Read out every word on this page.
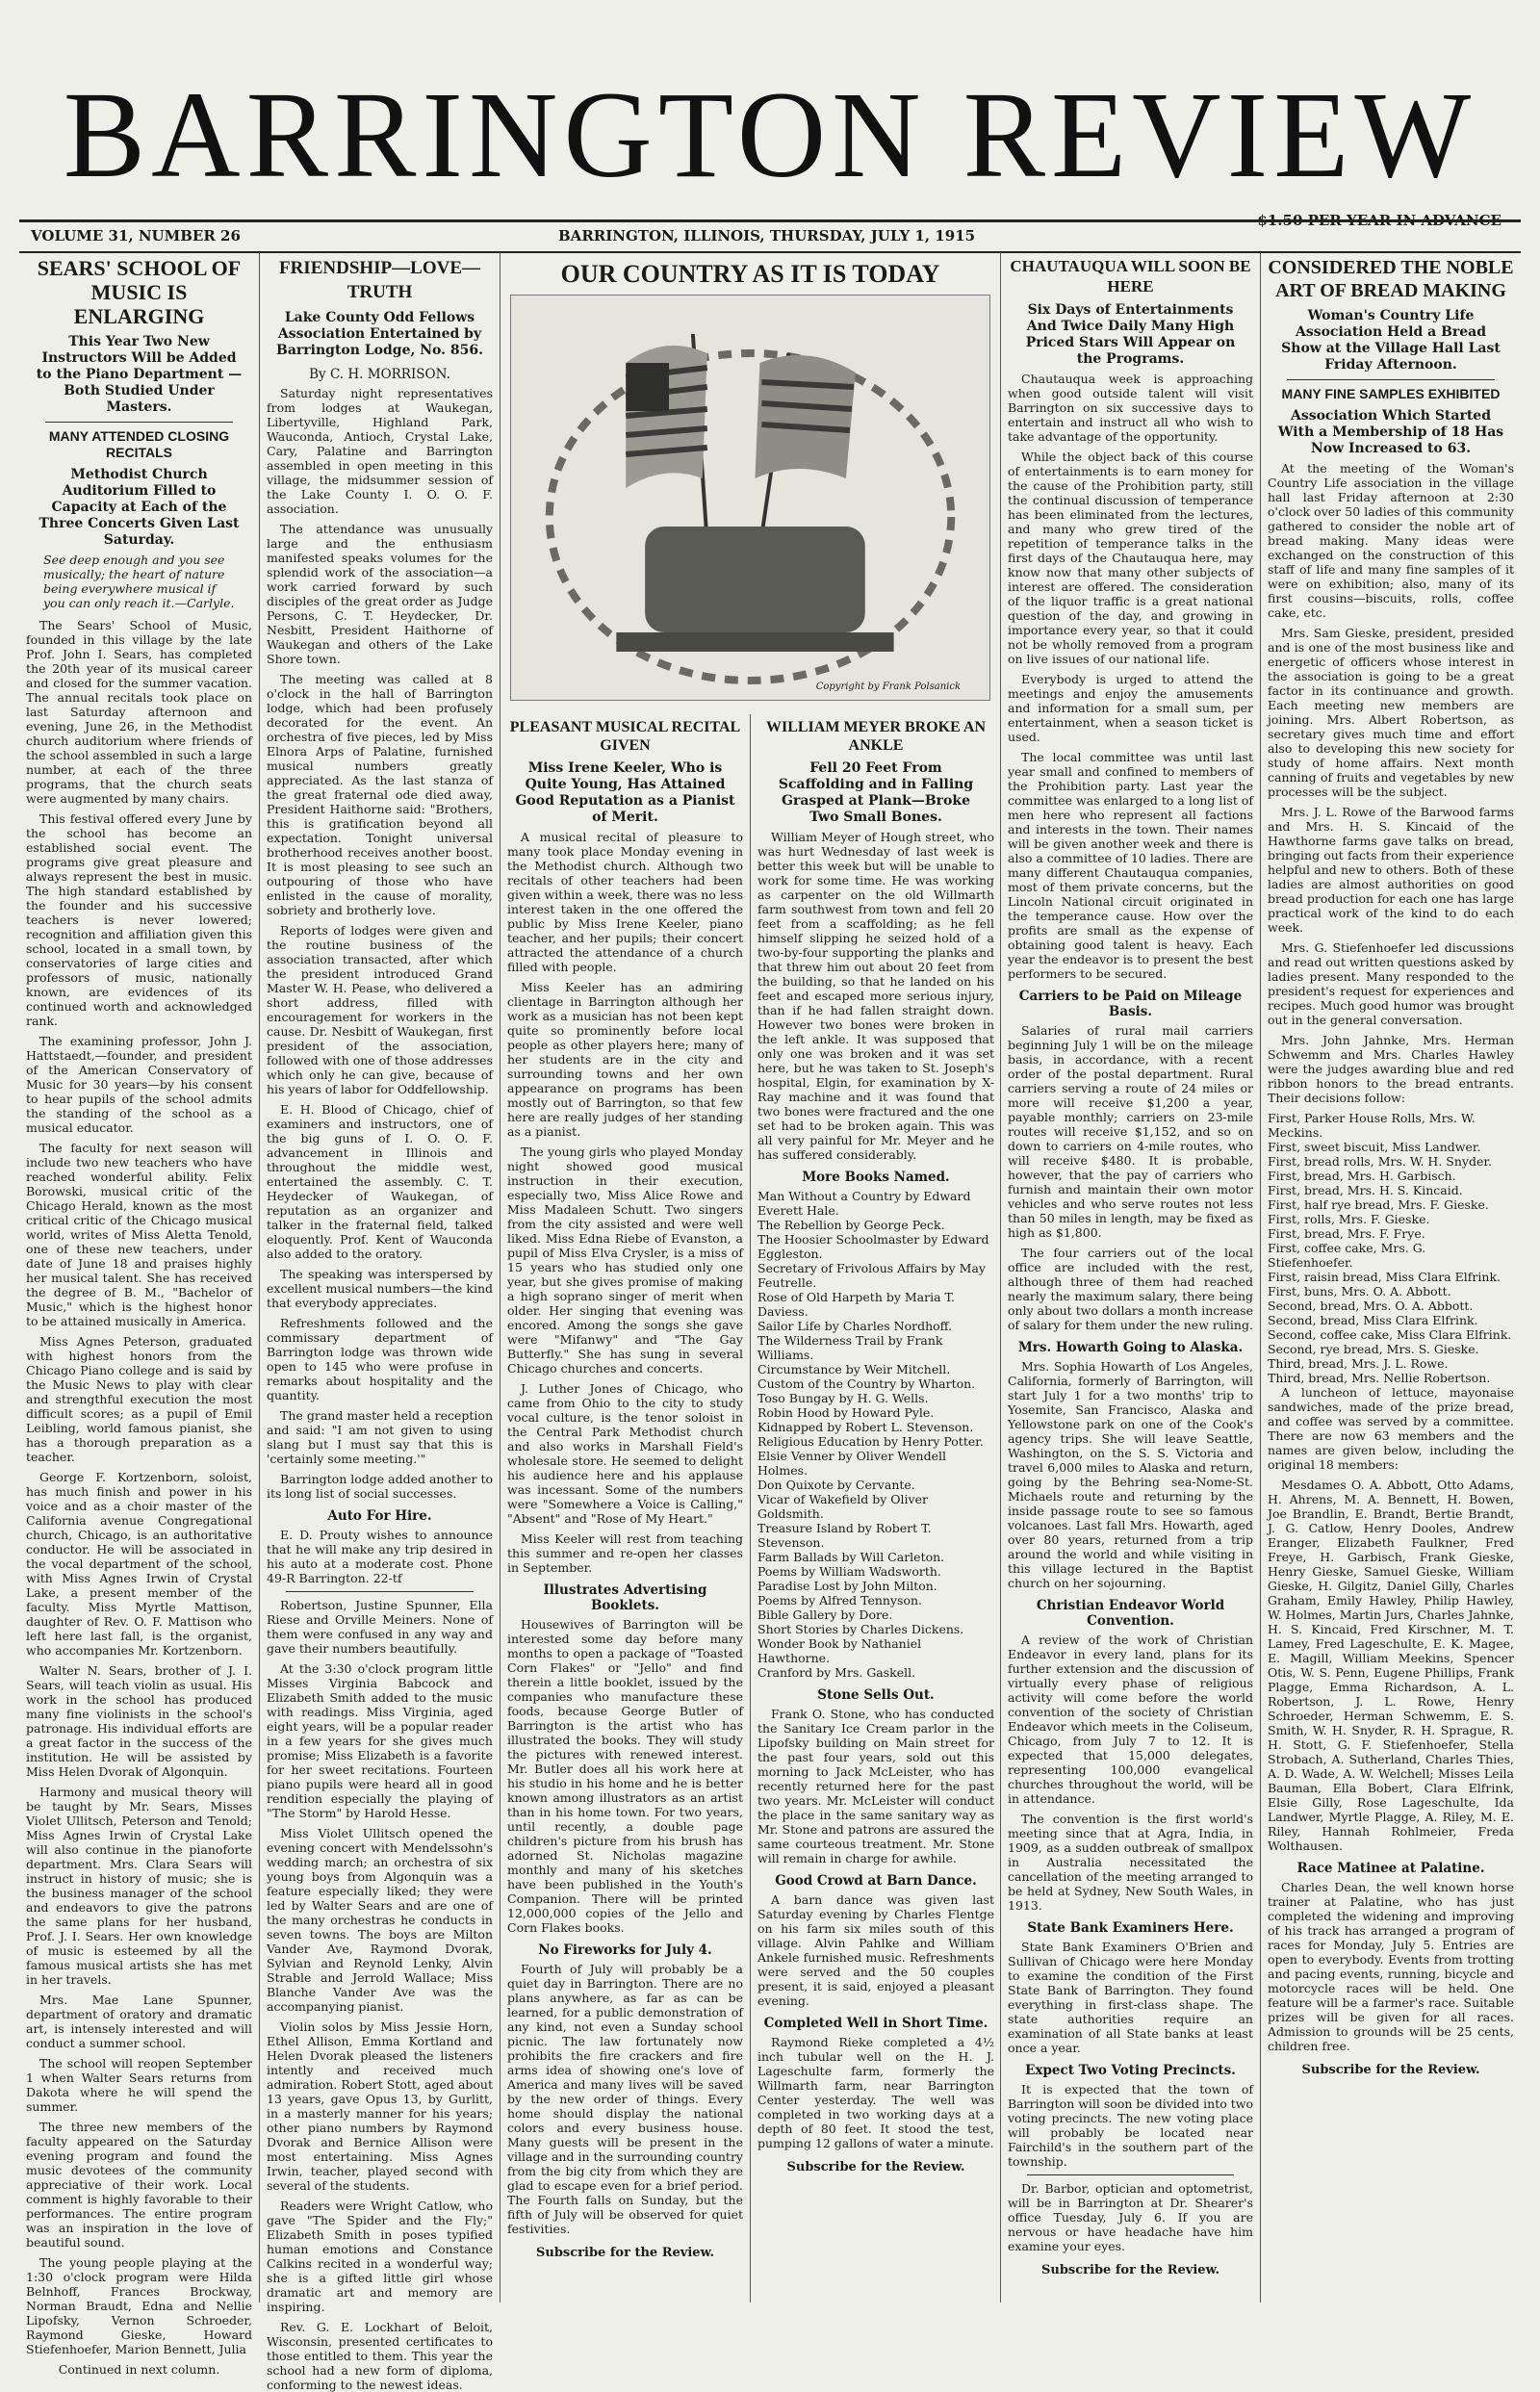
BARRINGTON REVIEW
$1.50 PER YEAR IN ADVANCE
VOLUME 31, NUMBER 26	BARRINGTON, ILLINOIS, THURSDAY, JULY 1, 1915
SEARS' SCHOOL OF MUSIC IS ENLARGING
This Year Two New Instructors Will be Added to the Piano Department —Both Studied Under Masters.
MANY ATTENDED CLOSING RECITALS
Methodist Church Auditorium Filled to Capacity at Each of the Three Concerts Given Last Saturday.
See deep enough and you see musically; the heart of nature being everywhere musical if you can only reach it.—Carlyle.

The Sears' School of Music, founded in this village by the late Prof. John I. Sears, has completed the 20th year of its musical career and closed for the summer vacation. The annual recitals took place on last Saturday afternoon and evening, June 26, in the Methodist church auditorium where friends of the school assembled in such a large number, at each of the three programs, that the church seats were augmented by many chairs.

This festival offered every June by the school has become an established social event. The programs give great pleasure and always represent the best in music. The high standard established by the founder and his successive teachers is never lowered; recognition and affiliation given this school, located in a small town, by conservatories of large cities and professors of music, nationally known, are evidences of its continued worth and acknowledged rank.

The examining professor, John J. Hattstaedt,—founder, and president of the American Conservatory of Music for 30 years—by his consent to hear pupils of the school admits the standing of the school as a musical educator.

The faculty for next season will include two new teachers who have reached wonderful ability. Felix Borowski, musical critic of the Chicago Herald, known as the most critical critic of the Chicago musical world, writes of Miss Aletta Tenold, one of these new teachers, under date of June 18 and praises highly her musical talent. She has received the degree of B. M., "Bachelor of Music," which is the highest honor to be attained musically in America.

Miss Agnes Peterson, graduated with highest honors from the Chicago Piano college and is said by the Music News to play with clear and strengthful execution the most difficult scores; as a pupil of Emil Leibling, world famous pianist, she has a thorough preparation as a teacher.

George F. Kortzenborn, soloist, has much finish and power in his voice and as a choir master of the California avenue Congregational church, Chicago, is an authoritative conductor. He will be associated in the vocal department of the school, with Miss Agnes Irwin of Crystal Lake, a present member of the faculty. Miss Myrtle Mattison, daughter of Rev. O. F. Mattison who left here last fall, is the organist, who accompanies Mr. Kortzenborn.

Walter N. Sears, brother of J. I. Sears, will teach violin as usual. His work in the school has produced many fine violinists in the school's patronage. His individual efforts are a great factor in the success of the institution. He will be assisted by Miss Helen Dvorak of Algonquin.

Harmony and musical theory will be taught by Mr. Sears, Misses Violet Ullitsch, Peterson and Tenold; Miss Agnes Irwin of Crystal Lake will also continue in the pianoforte department. Mrs. Clara Sears will instruct in history of music; she is the business manager of the school and endeavors to give the patrons the same plans for her husband, Prof. J. I. Sears. Her own knowledge of music is esteemed by all the famous musical artists she has met in her travels.

Mrs. Mae Lane Spunner, department of oratory and dramatic art, is intensely interested and will conduct a summer school.

The school will reopen September 1 when Walter Sears returns from Dakota where he will spend the summer.

The three new members of the faculty appeared on the Saturday evening program and found the music devotees of the community appreciative of their work. Local comment is highly favorable to their performances. The entire program was an inspiration in the love of beautiful sound.

The young people playing at the 1:30 o'clock program were Hilda Belnhoff, Frances Brockway, Norman Braudt, Edna and Nellie Lipofsky, Vernon Schroeder, Raymond Gieske, Howard Stiefenhoefer, Marion Bennett, Julia

Continued in next column.
FRIENDSHIP—LOVE—TRUTH
Lake County Odd Fellows Association Entertained by Barrington Lodge, No. 856.
By C. H. MORRISON.

Saturday night representatives from lodges at Waukegan, Libertyville, Highland Park, Wauconda, Antioch, Crystal Lake, Cary, Palatine and Barrington assembled in open meeting in this village, the midsummer session of the Lake County I. O. O. F. association.

The attendance was unusually large and the enthusiasm manifested speaks volumes for the splendid work of the association—a work carried forward by such disciples of the great order as Judge Persons, C. T. Heydecker, Dr. Nesbitt, President Haithorne of Waukegan and others of the Lake Shore town.

The meeting was called at 8 o'clock in the hall of Barrington lodge, which had been profusely decorated for the event. An orchestra of five pieces, led by Miss Elnora Arps of Palatine, furnished musical numbers greatly appreciated. As the last stanza of the great fraternal ode died away, President Haithorne said: "Brothers, this is gratification beyond all expectation. Tonight universal brotherhood receives another boost. It is most pleasing to see such an outpouring of those who have enlisted in the cause of morality, sobriety and brotherly love.

Reports of lodges were given and the routine business of the association transacted, after which the president introduced Grand Master W. H. Pease, who delivered a short address, filled with encouragement for workers in the cause. Dr. Nesbitt of Waukegan, first president of the association, followed with one of those addresses which only he can give, because of his years of labor for Oddfellowship.

E. H. Blood of Chicago, chief of examiners and instructors, one of the big guns of I. O. O. F. advancement in Illinois and throughout the middle west, entertained the assembly. C. T. Heydecker of Waukegan, of reputation as an organizer and talker in the fraternal field, talked eloquently. Prof. Kent of Wauconda also added to the oratory.

The speaking was interspersed by excellent musical numbers—the kind that everybody appreciates.

Refreshments followed and the commissary department of Barrington lodge was thrown wide open to 145 who were profuse in remarks about hospitality and the quantity.

The grand master held a reception and said: "I am not given to using slang but I must say that this is 'certainly some meeting.'"

Barrington lodge added another to its long list of social successes.

Auto For Hire.

E. D. Prouty wishes to announce that he will make any trip desired in his auto at a moderate cost. Phone 49-R Barrington. 22-tf

Robertson, Justine Spunner, Ella Riese and Orville Meiners. None of them were confused in any way and gave their numbers beautifully.

At the 3:30 o'clock program little Misses Virginia Babcock and Elizabeth Smith added to the music with readings. Miss Virginia, aged eight years, will be a popular reader in a few years for she gives much promise; Miss Elizabeth is a favorite for her sweet recitations. Fourteen piano pupils were heard all in good rendition especially the playing of "The Storm" by Harold Hesse.

Miss Violet Ullitsch opened the evening concert with Mendelssohn's wedding march; an orchestra of six young boys from Algonquin was a feature especially liked; they were led by Walter Sears and are one of the many orchestras he conducts in seven towns. The boys are Milton Vander Ave, Raymond Dvorak, Sylvian and Reynold Lenky, Alvin Strable and Jerrold Wallace; Miss Blanche Vander Ave was the accompanying pianist.

Violin solos by Miss Jessie Horn, Ethel Allison, Emma Kortland and Helen Dvorak pleased the listeners intently and received much admiration. Robert Stott, aged about 13 years, gave Opus 13, by Gurlitt, in a masterly manner for his years; other piano numbers by Raymond Dvorak and Bernice Allison were most entertaining. Miss Agnes Irwin, teacher, played second with several of the students.

Readers were Wright Catlow, who gave "The Spider and the Fly;" Elizabeth Smith in poses typified human emotions and Constance Calkins recited in a wonderful way; she is a gifted little girl whose dramatic art and memory are inspiring.

Rev. G. E. Lockhart of Beloit, Wisconsin, presented certificates to those entitled to them. This year the school had a new form of diploma, conforming to the newest ideas.

OUR COUNTRY AS IT IS TODAY
Copyright by Frank Polsanick
PLEASANT MUSICAL RECITAL GIVEN
Miss Irene Keeler, Who is Quite Young, Has Attained Good Reputation as a Pianist of Merit.

A musical recital of pleasure to many took place Monday evening in the Methodist church. Although two recitals of other teachers had been given within a week, there was no less interest taken in the one offered the public by Miss Irene Keeler, piano teacher, and her pupils; their concert attracted the attendance of a church filled with people.

Miss Keeler has an admiring clientage in Barrington although her work as a musician has not been kept quite so prominently before local people as other players here; many of her students are in the city and surrounding towns and her own appearance on programs has been mostly out of Barrington, so that few here are really judges of her standing as a pianist.

The young girls who played Monday night showed good musical instruction in their execution, especially two, Miss Alice Rowe and Miss Madaleen Schutt. Two singers from the city assisted and were well liked. Miss Edna Riebe of Evanston, a pupil of Miss Elva Crysler, is a miss of 15 years who has studied only one year, but she gives promise of making a high soprano singer of merit when older. Her singing that evening was encored. Among the songs she gave were "Mifanwy" and "The Gay Butterfly." She has sung in several Chicago churches and concerts.

J. Luther Jones of Chicago, who came from Ohio to the city to study vocal culture, is the tenor soloist in the Central Park Methodist church and also works in Marshall Field's wholesale store. He seemed to delight his audience here and his applause was incessant. Some of the numbers were "Somewhere a Voice is Calling," "Absent" and "Rose of My Heart."

Miss Keeler will rest from teaching this summer and re-open her classes in September.

Illustrates Advertising Booklets.

Housewives of Barrington will be interested some day before many months to open a package of "Toasted Corn Flakes" or "Jello" and find therein a little booklet, issued by the companies who manufacture these foods, because George Butler of Barrington is the artist who has illustrated the books. They will study the pictures with renewed interest. Mr. Butler does all his work here at his studio in his home and he is better known among illustrators as an artist than in his home town. For two years, until recently, a double page children's picture from his brush has adorned St. Nicholas magazine monthly and many of his sketches have been published in the Youth's Companion. There will be printed 12,000,000 copies of the Jello and Corn Flakes books.

No Fireworks for July 4.

Fourth of July will probably be a quiet day in Barrington. There are no plans anywhere, as far as can be learned, for a public demonstration of any kind, not even a Sunday school picnic. The law fortunately now prohibits the fire crackers and fire arms idea of showing one's love of America and many lives will be saved by the new order of things. Every home should display the national colors and every business house. Many guests will be present in the village and in the surrounding country from the big city from which they are glad to escape even for a brief period. The Fourth falls on Sunday, but the fifth of July will be observed for quiet festivities.

Subscribe for the Review.
WILLIAM MEYER BROKE AN ANKLE
Fell 20 Feet From Scaffolding and in Falling Grasped at Plank—Broke Two Small Bones.

William Meyer of Hough street, who was hurt Wednesday of last week is better this week but will be unable to work for some time. He was working as carpenter on the old Willmarth farm southwest from town and fell 20 feet from a scaffolding; as he fell himself slipping he seized hold of a two-by-four supporting the planks and that threw him out about 20 feet from the building, so that he landed on his feet and escaped more serious injury, than if he had fallen straight down. However two bones were broken in the left ankle. It was supposed that only one was broken and it was set here, but he was taken to St. Joseph's hospital, Elgin, for examination by X-Ray machine and it was found that two bones were fractured and the one set had to be broken again. This was all very painful for Mr. Meyer and he has suffered considerably.

More Books Named.
Man Without a Country by Edward Everett Hale.
The Rebellion by George Peck.
The Hoosier Schoolmaster by Edward Eggleston.
Secretary of Frivolous Affairs by May Feutrelle.
Rose of Old Harpeth by Maria T. Daviess.
Sailor Life by Charles Nordhoff.
The Wilderness Trail by Frank Williams.
Circumstance by Weir Mitchell.
Custom of the Country by Wharton.
Toso Bungay by H. G. Wells.
Robin Hood by Howard Pyle.
Kidnapped by Robert L. Stevenson.
Religious Education by Henry Potter.
Elsie Venner by Oliver Wendell Holmes.
Don Quixote by Cervante.
Vicar of Wakefield by Oliver Goldsmith.
Treasure Island by Robert T. Stevenson.
Farm Ballads by Will Carleton.
Poems by William Wadsworth.
Paradise Lost by John Milton.
Poems by Alfred Tennyson.
Bible Gallery by Dore.
Short Stories by Charles Dickens.
Wonder Book by Nathaniel Hawthorne.
Cranford by Mrs. Gaskell.
Stone Sells Out.

Frank O. Stone, who has conducted the Sanitary Ice Cream parlor in the Lipofsky building on Main street for the past four years, sold out this morning to Jack McLeister, who has recently returned here for the past two years. Mr. McLeister will conduct the place in the same sanitary way as Mr. Stone and patrons are assured the same courteous treatment. Mr. Stone will remain in charge for awhile.

Good Crowd at Barn Dance.

A barn dance was given last Saturday evening by Charles Flentge on his farm six miles south of this village. Alvin Pahlke and William Ankele furnished music. Refreshments were served and the 50 couples present, it is said, enjoyed a pleasant evening.

Completed Well in Short Time.

Raymond Rieke completed a 4½ inch tubular well on the H. J. Lageschulte farm, formerly the Willmarth farm, near Barrington Center yesterday. The well was completed in two working days at a depth of 80 feet. It stood the test, pumping 12 gallons of water a minute.

Subscribe for the Review.
CHAUTAUQUA WILL SOON BE HERE
Six Days of Entertainments And Twice Daily Many High Priced Stars Will Appear on the Programs.

Chautauqua week is approaching when good outside talent will visit Barrington on six successive days to entertain and instruct all who wish to take advantage of the opportunity.

While the object back of this course of entertainments is to earn money for the cause of the Prohibition party, still the continual discussion of temperance has been eliminated from the lectures, and many who grew tired of the repetition of temperance talks in the first days of the Chautauqua here, may know now that many other subjects of interest are offered. The consideration of the liquor traffic is a great national question of the day, and growing in importance every year, so that it could not be wholly removed from a program on live issues of our national life.

Everybody is urged to attend the meetings and enjoy the amusements and information for a small sum, per entertainment, when a season ticket is used.

The local committee was until last year small and confined to members of the Prohibition party. Last year the committee was enlarged to a long list of men here who represent all factions and interests in the town. Their names will be given another week and there is also a committee of 10 ladies. There are many different Chautauqua companies, most of them private concerns, but the Lincoln National circuit originated in the temperance cause. How over the profits are small as the expense of obtaining good talent is heavy. Each year the endeavor is to present the best performers to be secured.

Carriers to be Paid on Mileage Basis.

Salaries of rural mail carriers beginning July 1 will be on the mileage basis, in accordance, with a recent order of the postal department. Rural carriers serving a route of 24 miles or more will receive $1,200 a year, payable monthly; carriers on 23-mile routes will receive $1,152, and so on down to carriers on 4-mile routes, who will receive $480. It is probable, however, that the pay of carriers who furnish and maintain their own motor vehicles and who serve routes not less than 50 miles in length, may be fixed as high as $1,800.

The four carriers out of the local office are included with the rest, although three of them had reached nearly the maximum salary, there being only about two dollars a month increase of salary for them under the new ruling.

Mrs. Howarth Going to Alaska.

Mrs. Sophia Howarth of Los Angeles, California, formerly of Barrington, will start July 1 for a two months' trip to Yosemite, San Francisco, Alaska and Yellowstone park on one of the Cook's agency trips. She will leave Seattle, Washington, on the S. S. Victoria and travel 6,000 miles to Alaska and return, going by the Behring sea-Nome-St. Michaels route and returning by the inside passage route to see so famous volcanoes. Last fall Mrs. Howarth, aged over 80 years, returned from a trip around the world and while visiting in this village lectured in the Baptist church on her sojourning.

Christian Endeavor World Convention.

A review of the work of Christian Endeavor in every land, plans for its further extension and the discussion of virtually every phase of religious activity will come before the world convention of the society of Christian Endeavor which meets in the Coliseum, Chicago, from July 7 to 12. It is expected that 15,000 delegates, representing 100,000 evangelical churches throughout the world, will be in attendance.

The convention is the first world's meeting since that at Agra, India, in 1909, as a sudden outbreak of smallpox in Australia necessitated the cancellation of the meeting arranged to be held at Sydney, New South Wales, in 1913.

State Bank Examiners Here.

State Bank Examiners O'Brien and Sullivan of Chicago were here Monday to examine the condition of the First State Bank of Barrington. They found everything in first-class shape. The state authorities require an examination of all State banks at least once a year.

Expect Two Voting Precincts.

It is expected that the town of Barrington will soon be divided into two voting precincts. The new voting place will probably be located near Fairchild's in the southern part of the township.

Dr. Barbor, optician and optometrist, will be in Barrington at Dr. Shearer's office Tuesday, July 6. If you are nervous or have headache have him examine your eyes.

Subscribe for the Review.
CONSIDERED THE NOBLE ART OF BREAD MAKING
Woman's Country Life Association Held a Bread Show at the Village Hall Last Friday Afternoon.
MANY FINE SAMPLES EXHIBITED
Association Which Started With a Membership of 18 Has Now Increased to 63.

At the meeting of the Woman's Country Life association in the village hall last Friday afternoon at 2:30 o'clock over 50 ladies of this community gathered to consider the noble art of bread making. Many ideas were exchanged on the construction of this staff of life and many fine samples of it were on exhibition; also, many of its first cousins—biscuits, rolls, coffee cake, etc.

Mrs. Sam Gieske, president, presided and is one of the most business like and energetic of officers whose interest in the association is going to be a great factor in its continuance and growth. Each meeting new members are joining. Mrs. Albert Robertson, as secretary gives much time and effort also to developing this new society for study of home affairs. Next month canning of fruits and vegetables by new processes will be the subject.

Mrs. J. L. Rowe of the Barwood farms and Mrs. H. S. Kincaid of the Hawthorne farms gave talks on bread, bringing out facts from their experience helpful and new to others. Both of these ladies are almost authorities on good bread production for each one has large practical work of the kind to do each week.

Mrs. G. Stiefenhoefer led discussions and read out written questions asked by ladies present. Many responded to the president's request for experiences and recipes. Much good humor was brought out in the general conversation.

Mrs. John Jahnke, Mrs. Herman Schwemm and Mrs. Charles Hawley were the judges awarding blue and red ribbon honors to the bread entrants. Their decisions follow:

First, Parker House Rolls, Mrs. W. Meckins.
First, sweet biscuit, Miss Landwer.
First, bread rolls, Mrs. W. H. Snyder.
First, bread, Mrs. H. Garbisch.
First, bread, Mrs. H. S. Kincaid.
First, half rye bread, Mrs. F. Gieske.
First, rolls, Mrs. F. Gieske.
First, bread, Mrs. F. Frye.
First, coffee cake, Mrs. G. Stiefenhoefer.
First, raisin bread, Miss Clara Elfrink.
First, buns, Mrs. O. A. Abbott.
Second, bread, Mrs. O. A. Abbott.
Second, bread, Miss Clara Elfrink.
Second, coffee cake, Miss Clara Elfrink.
Second, rye bread, Mrs. S. Gieske.
Third, bread, Mrs. J. L. Rowe.
Third, bread, Mrs. Nellie Robertson.

A luncheon of lettuce, mayonaise sandwiches, made of the prize bread, and coffee was served by a committee. There are now 63 members and the names are given below, including the original 18 members:

Mesdames O. A. Abbott, Otto Adams, H. Ahrens, M. A. Bennett, H. Bowen, Joe Brandlin, E. Brandt, Bertie Brandt, J. G. Catlow, Henry Dooles, Andrew Eranger, Elizabeth Faulkner, Fred Freye, H. Garbisch, Frank Gieske, Henry Gieske, Samuel Gieske, William Gieske, H. Gilgitz, Daniel Gilly, Charles Graham, Emily Hawley, Philip Hawley, W. Holmes, Martin Jurs, Charles Jahnke, H. S. Kincaid, Fred Kirschner, M. T. Lamey, Fred Lageschulte, E. K. Magee, E. Magill, William Meekins, Spencer Otis, W. S. Penn, Eugene Phillips, Frank Plagge, Emma Richardson, A. L. Robertson, J. L. Rowe, Henry Schroeder, Herman Schwemm, E. S. Smith, W. H. Snyder, R. H. Sprague, R. H. Stott, G. F. Stiefenhoefer, Stella Strobach, A. Sutherland, Charles Thies, A. D. Wade, A. W. Welchell; Misses Leila Bauman, Ella Bobert, Clara Elfrink, Elsie Gilly, Rose Lageschulte, Ida Landwer, Myrtle Plagge, A. Riley, M. E. Riley, Hannah Rohlmeier, Freda Wolthausen.

Race Matinee at Palatine.

Charles Dean, the well known horse trainer at Palatine, who has just completed the widening and improving of his track has arranged a program of races for Monday, July 5. Entries are open to everybody. Events from trotting and pacing events, running, bicycle and motorcycle races will be held. One feature will be a farmer's race. Suitable prizes will be given for all races. Admission to grounds will be 25 cents, children free.

Subscribe for the Review.
